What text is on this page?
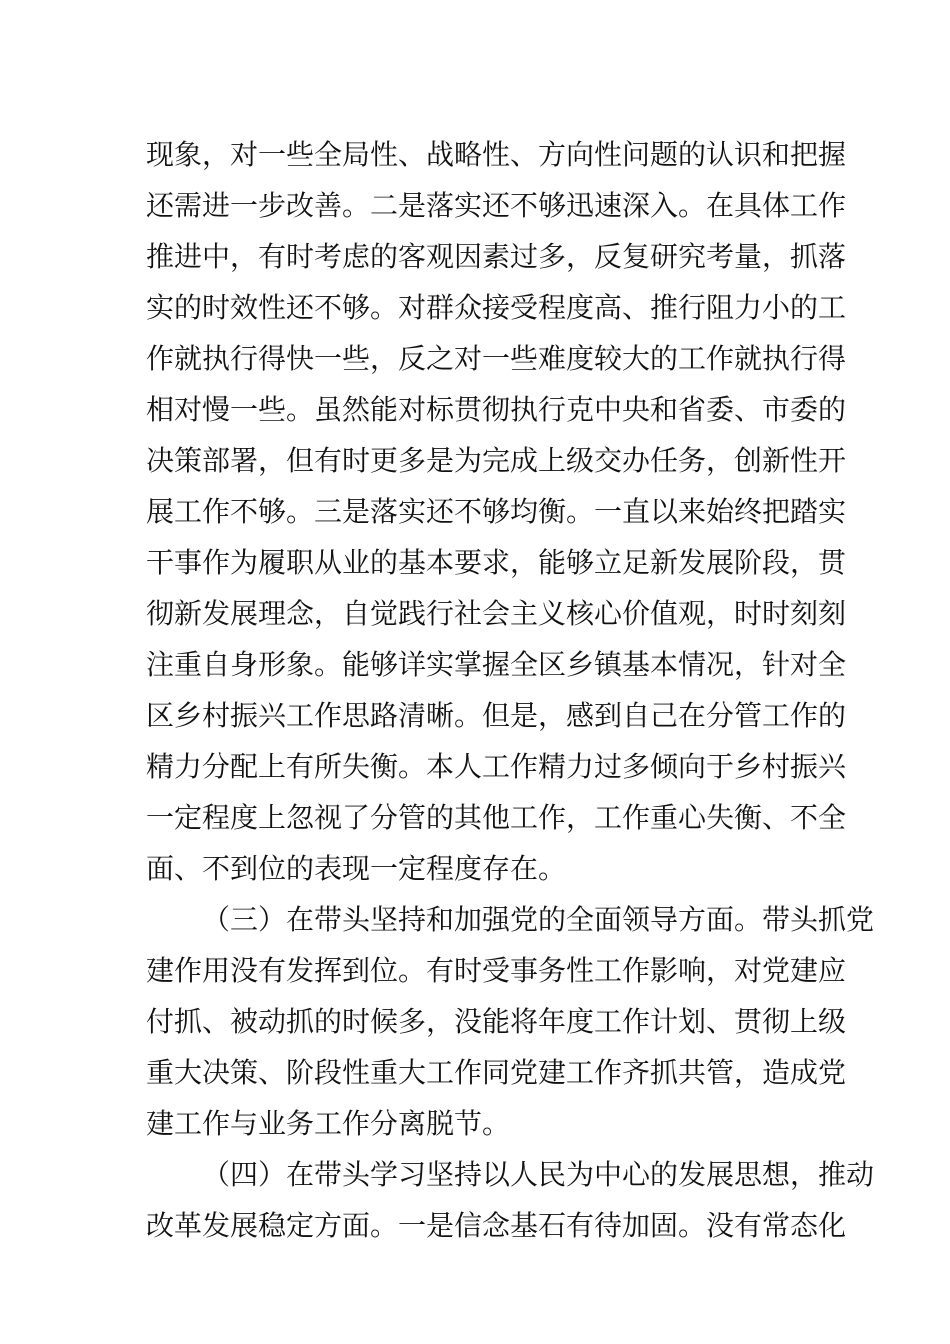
现象，对一些全局性、战略性、方向性问题的认识和把握
还需进一步改善。二是落实还不够迅速深入。在具体工作
推进中，有时考虑的客观因素过多，反复研究考量，抓落
实的时效性还不够。对群众接受程度高、推行阻力小的工
作就执行得快一些，反之对一些难度较大的工作就执行得
相对慢一些。虽然能对标贯彻执行克中央和省委、市委的
决策部署，但有时更多是为完成上级交办任务，创新性开
展工作不够。三是落实还不够均衡。一直以来始终把踏实
干事作为履职从业的基本要求，能够立足新发展阶段，贯
彻新发展理念，自觉践行社会主义核心价值观，时时刻刻
注重自身形象。能够详实掌握全区乡镇基本情况，针对全
区乡村振兴工作思路清晰。但是，感到自己在分管工作的
精力分配上有所失衡。本人工作精力过多倾向于乡村振兴
一定程度上忽视了分管的其他工作，工作重心失衡、不全
面、不到位的表现一定程度存在。
（三）在带头坚持和加强党的全面领导方面。带头抓党
建作用没有发挥到位。有时受事务性工作影响，对党建应
付抓、被动抓的时候多，没能将年度工作计划、贯彻上级
重大决策、阶段性重大工作同党建工作齐抓共管，造成党
建工作与业务工作分离脱节。
（四）在带头学习坚持以人民为中心的发展思想，推动
改革发展稳定方面。一是信念基石有待加固。没有常态化
